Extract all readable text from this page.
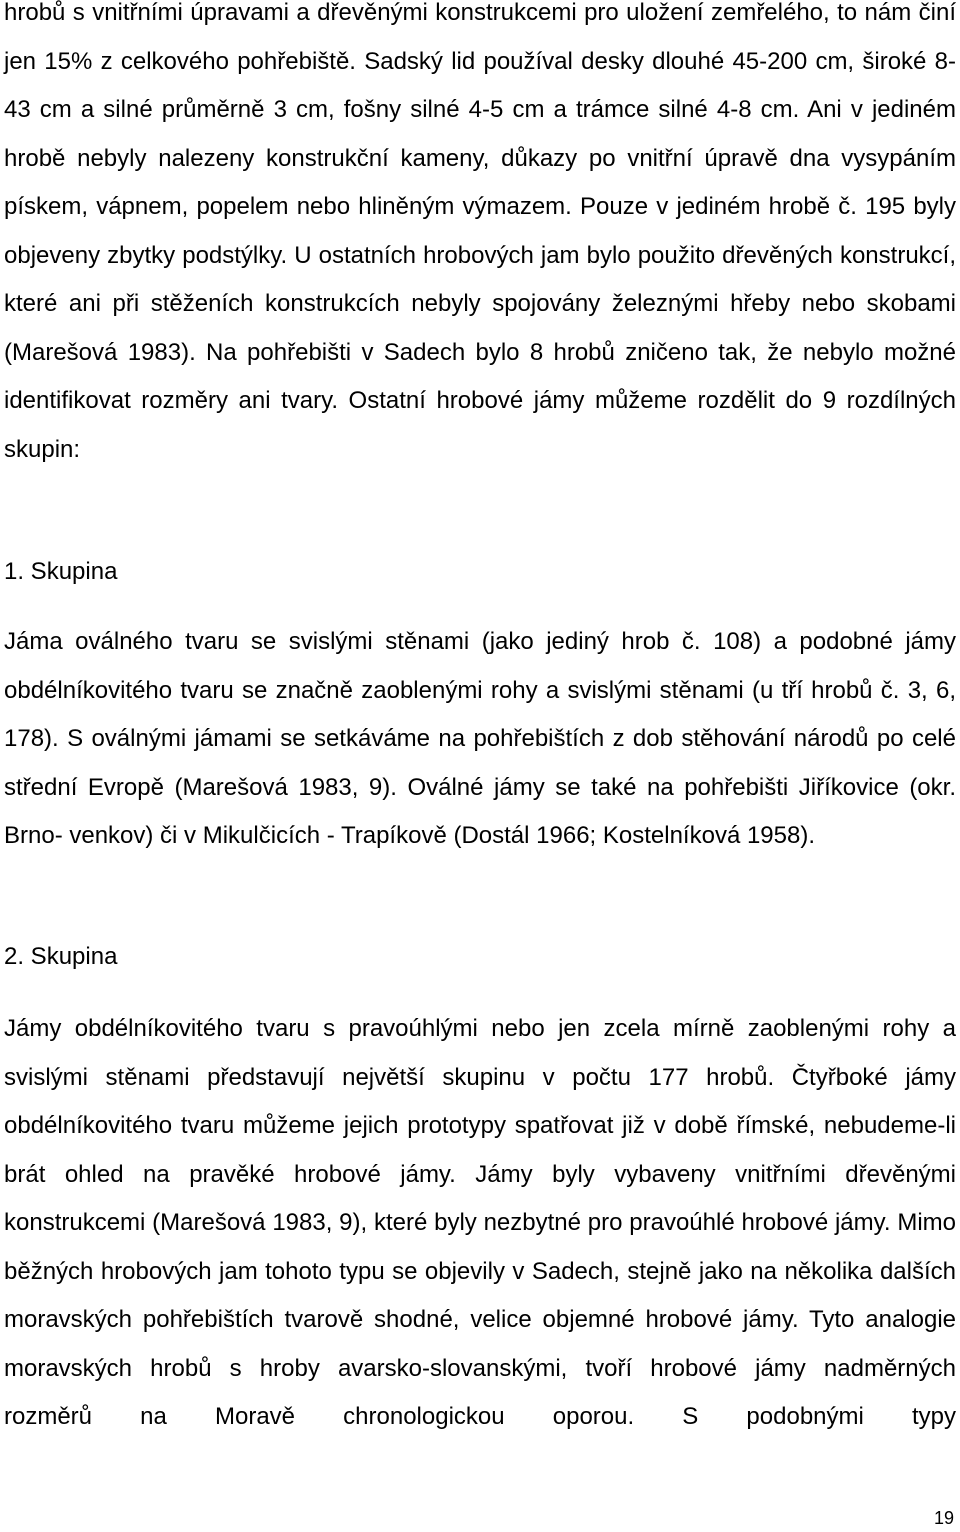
hrobů s vnitřními úpravami a dřevěnými konstrukcemi pro uložení zemřelého, to nám činí jen 15% z celkového pohřebiště. Sadský lid používal desky dlouhé 45-200 cm, široké 8-43 cm a silné průměrně 3 cm, fošny silné 4-5 cm a trámce silné 4-8 cm. Ani v jediném hrobě nebyly nalezeny konstrukční kameny, důkazy po vnitřní úpravě dna vysypáním pískem, vápnem, popelem nebo hliněným výmazem. Pouze v jediném hrobě č. 195 byly objeveny zbytky podstýlky. U ostatních hrobových jam bylo použito dřevěných konstrukcí, které ani při stěženích konstrukcích nebyly spojovány železnými hřeby nebo skobami (Marešová 1983). Na pohřebišti v Sadech bylo 8 hrobů zničeno tak, že nebylo možné identifikovat rozměry ani tvary. Ostatní hrobové jámy můžeme rozdělit do 9 rozdílných skupin:

1. Skupina

Jáma oválného tvaru se svislými stěnami (jako jediný hrob č. 108) a podobné jámy obdélníkovitého tvaru se značně zaoblenými rohy a svislými stěnami (u tří hrobů č. 3, 6, 178). S oválnými jámami se setkáváme na pohřebištích z dob stěhování národů po celé střední Evropě (Marešová 1983, 9). Oválné jámy se také na pohřebišti Jiříkovice (okr. Brno- venkov) či v Mikulčicích - Trapíkově (Dostál 1966; Kostelníková 1958).

2. Skupina

Jámy obdélníkovitého tvaru s pravoúhlými nebo jen zcela mírně zaoblenými rohy a svislými stěnami představují největší skupinu v počtu 177 hrobů. Čtyřboké jámy obdélníkovitého tvaru můžeme jejich prototypy spatřovat již v době římské, nebudeme-li brát ohled na pravěké hrobové jámy. Jámy byly vybaveny vnitřními dřevěnými konstrukcemi (Marešová 1983, 9), které byly nezbytné pro pravoúhlé hrobové jámy. Mimo běžných hrobových jam tohoto typu se objevily v Sadech, stejně jako na několika dalších moravských pohřebištích tvarově shodné, velice objemné hrobové jámy. Tyto analogie moravských hrobů s hroby avarsko-slovanskými, tvoří hrobové jámy nadměrných rozměrů na Moravě chronologickou oporou. S podobnými typy

19
